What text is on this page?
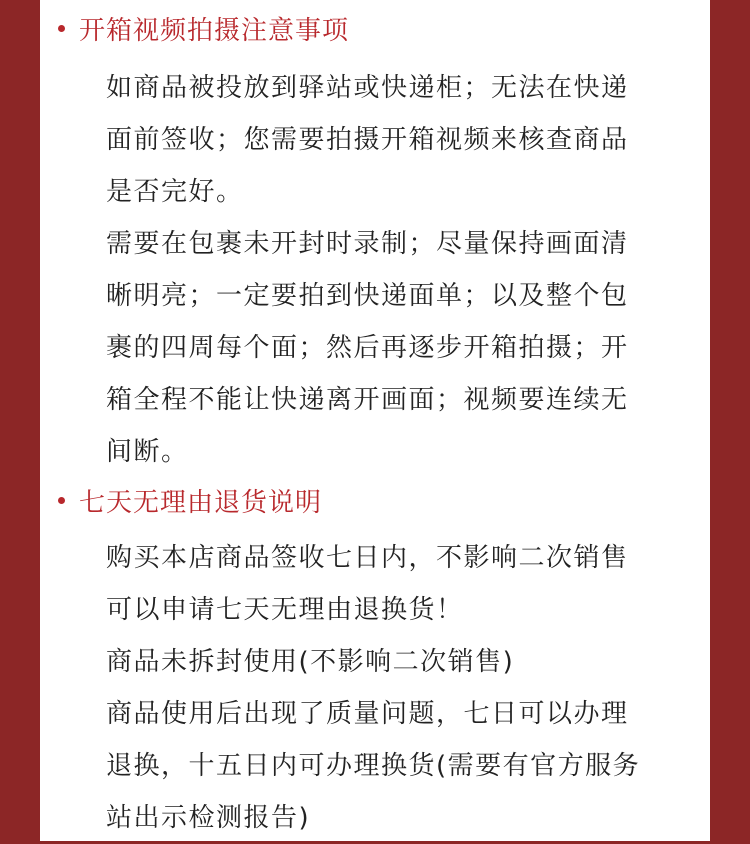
开箱视频拍摄注意事项

如商品被投放到驿站或快递柜；无法在快递

面前签收；您需要拍摄开箱视频来核查商品

是否完好。

需要在包裹未开封时录制；尽量保持画面清

晰明亮；一定要拍到快递面单；以及整个包

裹的四周每个面；然后再逐步开箱拍摄；开

箱全程不能让快递离开画面；视频要连续无

间断。

七天无理由退货说明

购买本店商品签收七日内，不影响二次销售

可以申请七天无理由退换货！

商品未拆封使用(不影响二次销售)

商品使用后出现了质量问题，七日可以办理

退换，十五日内可办理换货(需要有官方服务

站出示检测报告)
